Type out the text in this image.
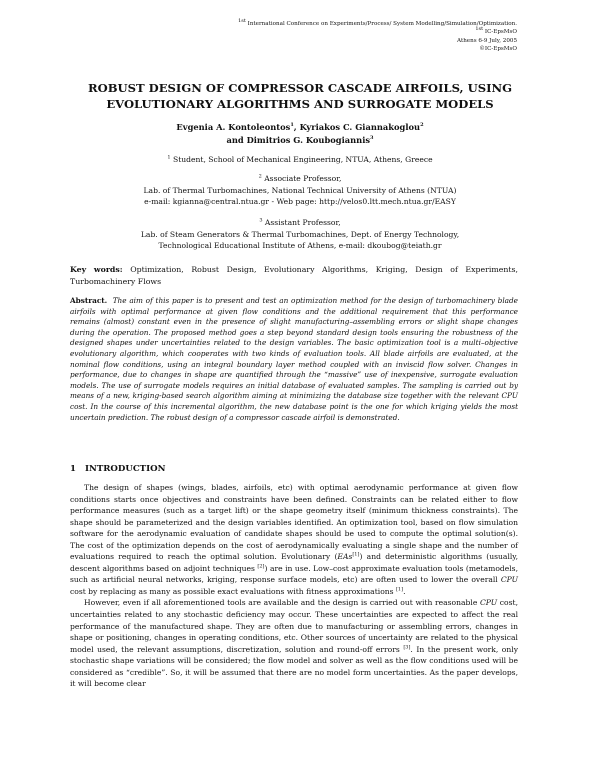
$^{1st}$ International Conference on Experiments/Process/ System Modelling/Simulation/Optimization.
$^{1st}$ IC-EpsMsO
Athens 6-9 July, 2005
©IC-EpsMsO
ROBUST DESIGN OF COMPRESSOR CASCADE AIRFOILS, USING
EVOLUTIONARY ALGORITHMS AND SURROGATE MODELS
Evgenia A. Kontoleontos$^1$, Kyriakos C. Giannakoglou$^2$
and Dimitrios G. Koubogiannis$^3$
$^1$ Student, School of Mechanical Engineering, NTUA, Athens, Greece
$^2$ Associate Professor,
Lab. of Thermal Turbomachines, National Technical University of Athens (NTUA)
e-mail: kgianna@central.ntua.gr - Web page: http://velos0.ltt.mech.ntua.gr/EASY
$^3$ Assistant Professor,
Lab. of Steam Generators & Thermal Turbomachines, Dept. of Energy Technology,
Technological Educational Institute of Athens, e-mail: dkoubog@teiath.gr
Key words: Optimization, Robust Design, Evolutionary Algorithms, Kriging, Design of Experiments, Turbomachinery Flows
Abstract. The aim of this paper is to present and test an optimization method for the design of turbomachinery blade airfoils with optimal performance at given flow conditions and the additional requirement that this performance remains (almost) constant even in the presence of slight manufacturing–assembling errors or slight shape changes during the operation. The proposed method goes a step beyond standard design tools ensuring the robustness of the designed shapes under uncertainties related to the design variables. The basic optimization tool is a multi–objective evolutionary algorithm, which cooperates with two kinds of evaluation tools. All blade airfoils are evaluated, at the nominal flow conditions, using an integral boundary layer method coupled with an inviscid flow solver. Changes in performance, due to changes in shape are quantified through the “massive” use of inexpensive, surrogate evaluation models. The use of surrogate models requires an initial database of evaluated samples. The sampling is carried out by means of a new, kriging-based search algorithm aiming at minimizing the database size together with the relevant CPU cost. In the course of this incremental algorithm, the new database point is the one for which kriging yields the most uncertain prediction. The robust design of a compressor cascade airfoil is demonstrated.
1 INTRODUCTION

The design of shapes (wings, blades, airfoils, etc) with optimal aerodynamic performance at given flow conditions starts once objectives and constraints have been defined. Constraints can be related either to flow performance measures (such as a target lift) or the shape geometry itself (minimum thickness constraints). The shape should be parameterized and the design variables identified. An optimization tool, based on flow simulation software for the aerodynamic evaluation of candidate shapes should be used to compute the optimal solution(s). The cost of the optimization depends on the cost of aerodynamically evaluating a single shape and the number of evaluations required to reach the optimal solution. Evolutionary (EAs[1]) and deterministic algorithms (usually, descent algorithms based on adjoint techniques [2]) are in use. Low–cost approximate evaluation tools (metamodels, such as artificial neural networks, kriging, response surface models, etc) are often used to lower the overall CPU cost by replacing as many as possible exact evaluations with fitness approximations [1].

However, even if all aforementioned tools are available and the design is carried out with reasonable CPU cost, uncertainties related to any stochastic deficiency may occur. These uncertainties are expected to affect the real performance of the manufactured shape. They are often due to manufacturing or assembling errors, changes in shape or positioning, changes in operating conditions, etc. Other sources of uncertainty are related to the physical model used, the relevant assumptions, discretization, solution and round-off errors [3]. In the present work, only stochastic shape variations will be considered; the flow model and solver as well as the flow conditions used will be considered as “credible”. So, it will be assumed that there are no model form uncertainties. As the paper develops, it will become clear
